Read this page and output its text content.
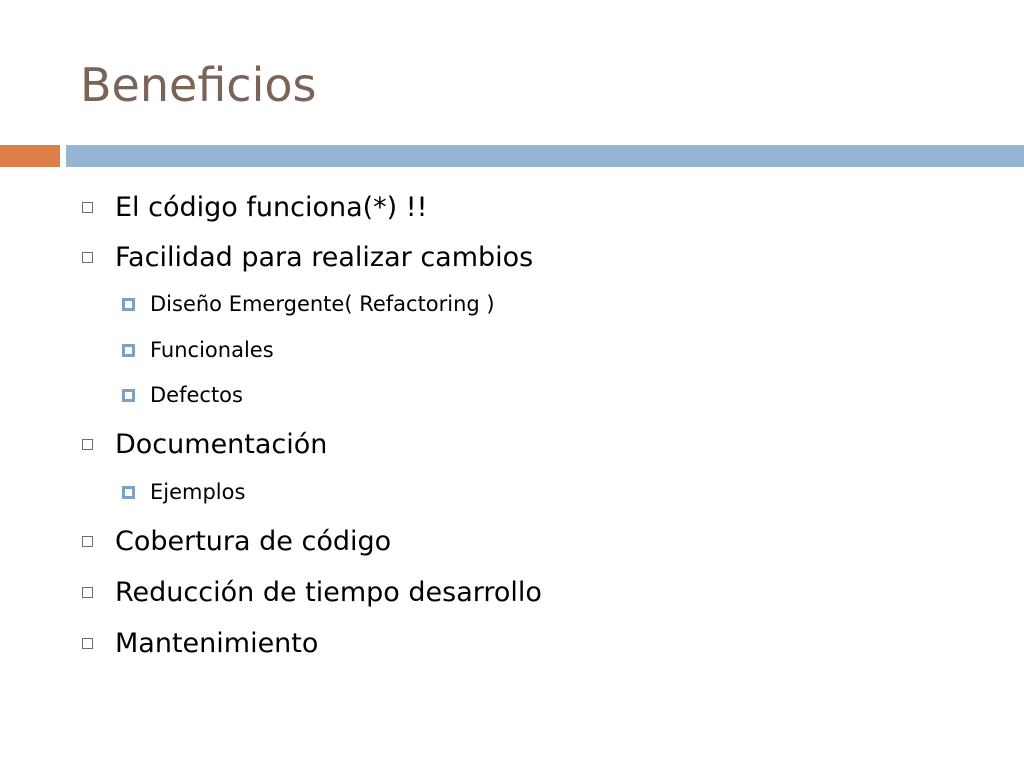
Beneficios
El código funciona(*) !!
Facilidad para realizar cambios
Diseño Emergente( Refactoring )
Funcionales
Defectos
Documentación
Ejemplos
Cobertura de código
Reducción de tiempo desarrollo
Mantenimiento
